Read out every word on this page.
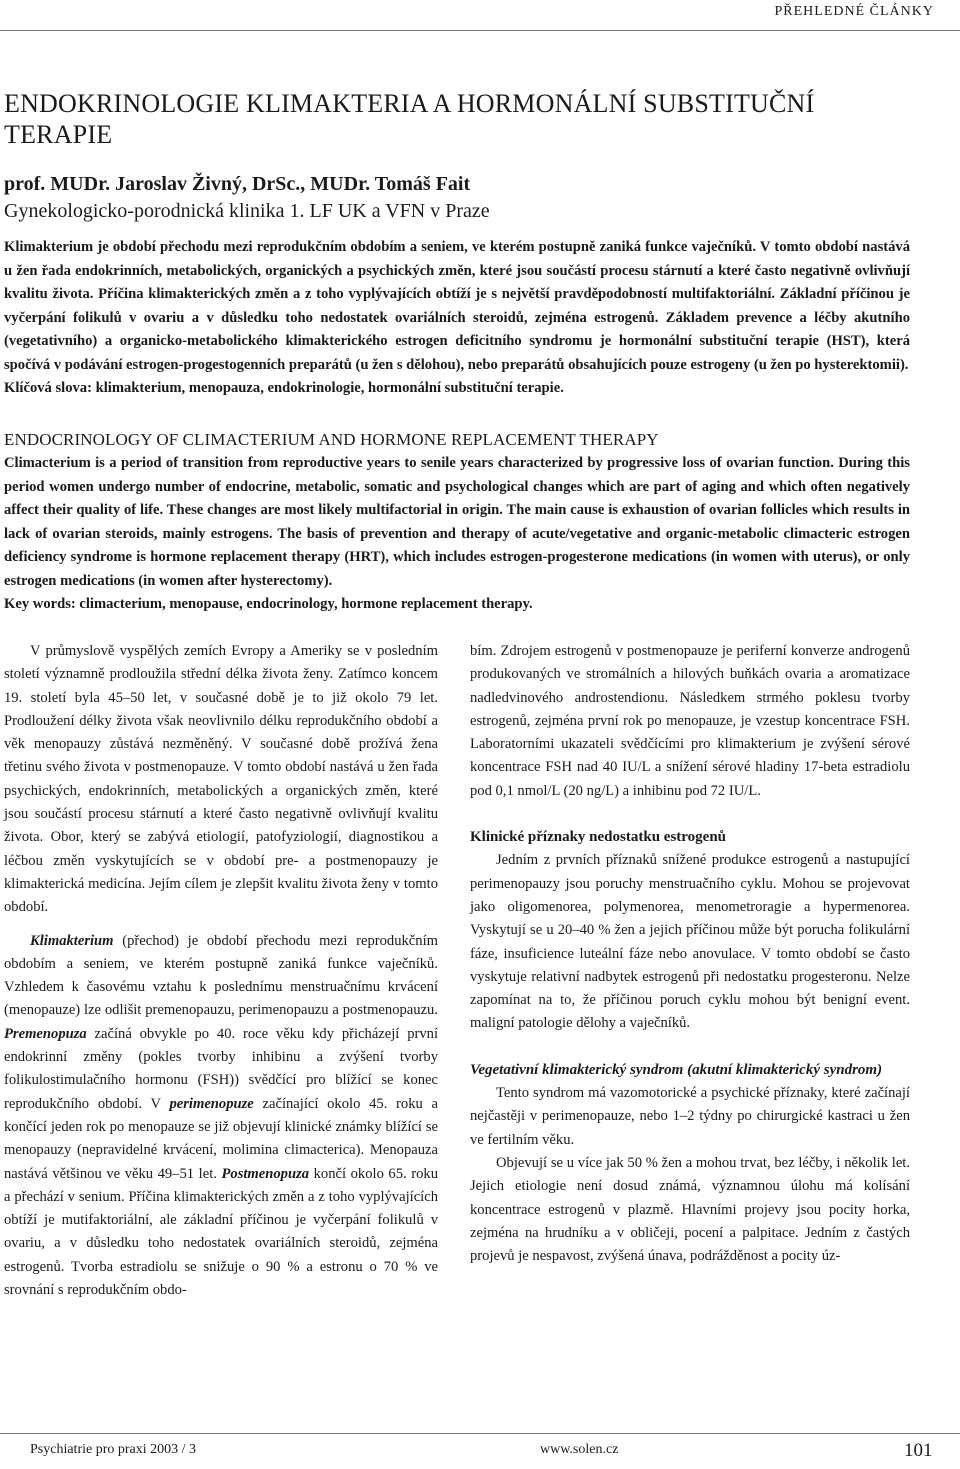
PŘEHLEDNÉ ČLÁNKY
ENDOKRINOLOGIE KLIMAKTERIA A HORMONÁLNÍ SUBSTITUČNÍ TERAPIE
prof. MUDr. Jaroslav Živný, DrSc., MUDr. Tomáš Fait
Gynekologicko-porodnická klinika 1. LF UK a VFN v Praze

Klimakterium je období přechodu mezi reprodukčním obdobím a seniem, ve kterém postupně zaniká funkce vaječníků. V tomto období nastává u žen řada endokrinních, metabolických, organických a psychických změn, které jsou součástí procesu stárnutí a které často negativně ovlivňují kvalitu života. Příčina klimakterických změn a z toho vyplývajících obtíží je s největší pravděpodobností multifaktoriální. Základní příčinou je vyčerpání folikulů v ovariu a v důsledku toho nedostatek ovariálních steroidů, zejména estrogenů. Základem prevence a léčby akutního (vegetativního) a organicko-metabolického klimakterického estrogen deficitního syndromu je hormonální substituční terapie (HST), která spočívá v podávání estrogen-progestogenních preparátů (u žen s dělohou), nebo preparátů obsahujících pouze estrogeny (u žen po hysterektomii).

Klíčová slova: klimakterium, menopauza, endokrinologie, hormonální substituční terapie.

ENDOCRINOLOGY OF CLIMACTERIUM AND HORMONE REPLACEMENT THERAPY

Climacterium is a period of transition from reproductive years to senile years characterized by progressive loss of ovarian function. During this period women undergo number of endocrine, metabolic, somatic and psychological changes which are part of aging and which often negatively affect their quality of life. These changes are most likely multifactorial in origin. The main cause is exhaustion of ovarian follicles which results in lack of ovarian steroids, mainly estrogens. The basis of prevention and therapy of acute/vegetative and organic-metabolic climacteric estrogen deficiency syndrome is hormone replacement therapy (HRT), which includes estrogen-progesterone medications (in women with uterus), or only estrogen medications (in women after hysterectomy).

Key words: climacterium, menopause, endocrinology, hormone replacement therapy.

V průmyslově vyspělých zemích Evropy a Ameriky se v posledním století významně prodloužila střední délka života ženy. Zatímco koncem 19. století byla 45–50 let, v současné době je to již okolo 79 let. Prodloužení délky života však neovlivnilo délku reprodukčního období a věk menopauzy zůstává nezměněný. V současné době prožívá žena třetinu svého života v postmenopauze. V tomto období nastává u žen řada psychických, endokrinních, metabolických a organických změn, které jsou součástí procesu stárnutí a které často negativně ovlivňují kvalitu života. Obor, který se zabývá etiologií, patofyziologií, diagnostikou a léčbou změn vyskytujících se v období pre- a postmenopauzy je klimakterická medicína. Jejím cílem je zlepšit kvalitu života ženy v tomto období.

Klimakterium (přechod) je období přechodu mezi reprodukčním obdobím a seniem, ve kterém postupně zaniká funkce vaječníků. Vzhledem k časovému vztahu k poslednímu menstruačnímu krvácení (menopauze) lze odlišit premenopauzu, perimenopauzu a postmenopauzu. Premenopuza začíná obvykle po 40. roce věku kdy přicházejí první endokrinní změny (pokles tvorby inhibinu a zvýšení tvorby folikulostimulačního hormonu (FSH)) svědčící pro blížící se konec reprodukčního období. V perimenopuze začínající okolo 45. roku a končící jeden rok po menopauze se již objevují klinické známky blížící se menopauzy (nepravidelné krvácení, molimina climacterica). Menopauza nastává většinou ve věku 49–51 let. Postmenopuza končí okolo 65. roku a přechází v senium. Příčina klimakterických změn a z toho vyplývajících obtíží je mutifaktoriální, ale základní příčinou je vyčerpání folikulů v ovariu, a v důsledku toho nedostatek ovariálních steroidů, zejména estrogenů. Tvorba estradiolu se snižuje o 90 % a estronu o 70 % ve srovnání s reprodukčním obdo-

bím. Zdrojem estrogenů v postmenopauze je periferní konverze androgenů produkovaných ve stromálních a hilových buňkách ovaria a aromatizace nadledvinového androstendionu. Následkem strmého poklesu tvorby estrogenů, zejména první rok po menopauze, je vzestup koncentrace FSH. Laboratorními ukazateli svědčícími pro klimakterium je zvýšení sérové koncentrace FSH nad 40 IU/L a snížení sérové hladiny 17-beta estradiolu pod 0,1 nmol/L (20 ng/L) a inhibinu pod 72 IU/L.

Klinické příznaky nedostatku estrogenů

Jedním z prvních příznaků snížené produkce estrogenů a nastupující perimenopauzy jsou poruchy menstruačního cyklu. Mohou se projevovat jako oligomenorea, polymenorea, menometroragie a hypermenorea. Vyskytují se u 20–40 % žen a jejich příčinou může být porucha folikulární fáze, insuficience luteální fáze nebo anovulace. V tomto období se často vyskytuje relativní nadbytek estrogenů při nedostatku progesteronu. Nelze zapomínat na to, že příčinou poruch cyklu mohou být benigní event. maligní patologie dělohy a vaječníků.

Vegetativní klimakterický syndrom (akutní klimakterický syndrom)

Tento syndrom má vazomotorické a psychické příznaky, které začínají nejčastěji v perimenopauze, nebo 1–2 týdny po chirurgické kastraci u žen ve fertilním věku.

Objevují se u více jak 50 % žen a mohou trvat, bez léčby, i několik let. Jejich etiologie není dosud známá, významnou úlohu má kolísání koncentrace estrogenů v plazmě. Hlavními projevy jsou pocity horka, zejména na hrudníku a v obličeji, pocení a palpitace. Jedním z častých projevů je nespavost, zvýšená únava, podrážděnost a pocity úz-

Psychiatrie pro praxi 2003 / 3	www.solen.cz	101
